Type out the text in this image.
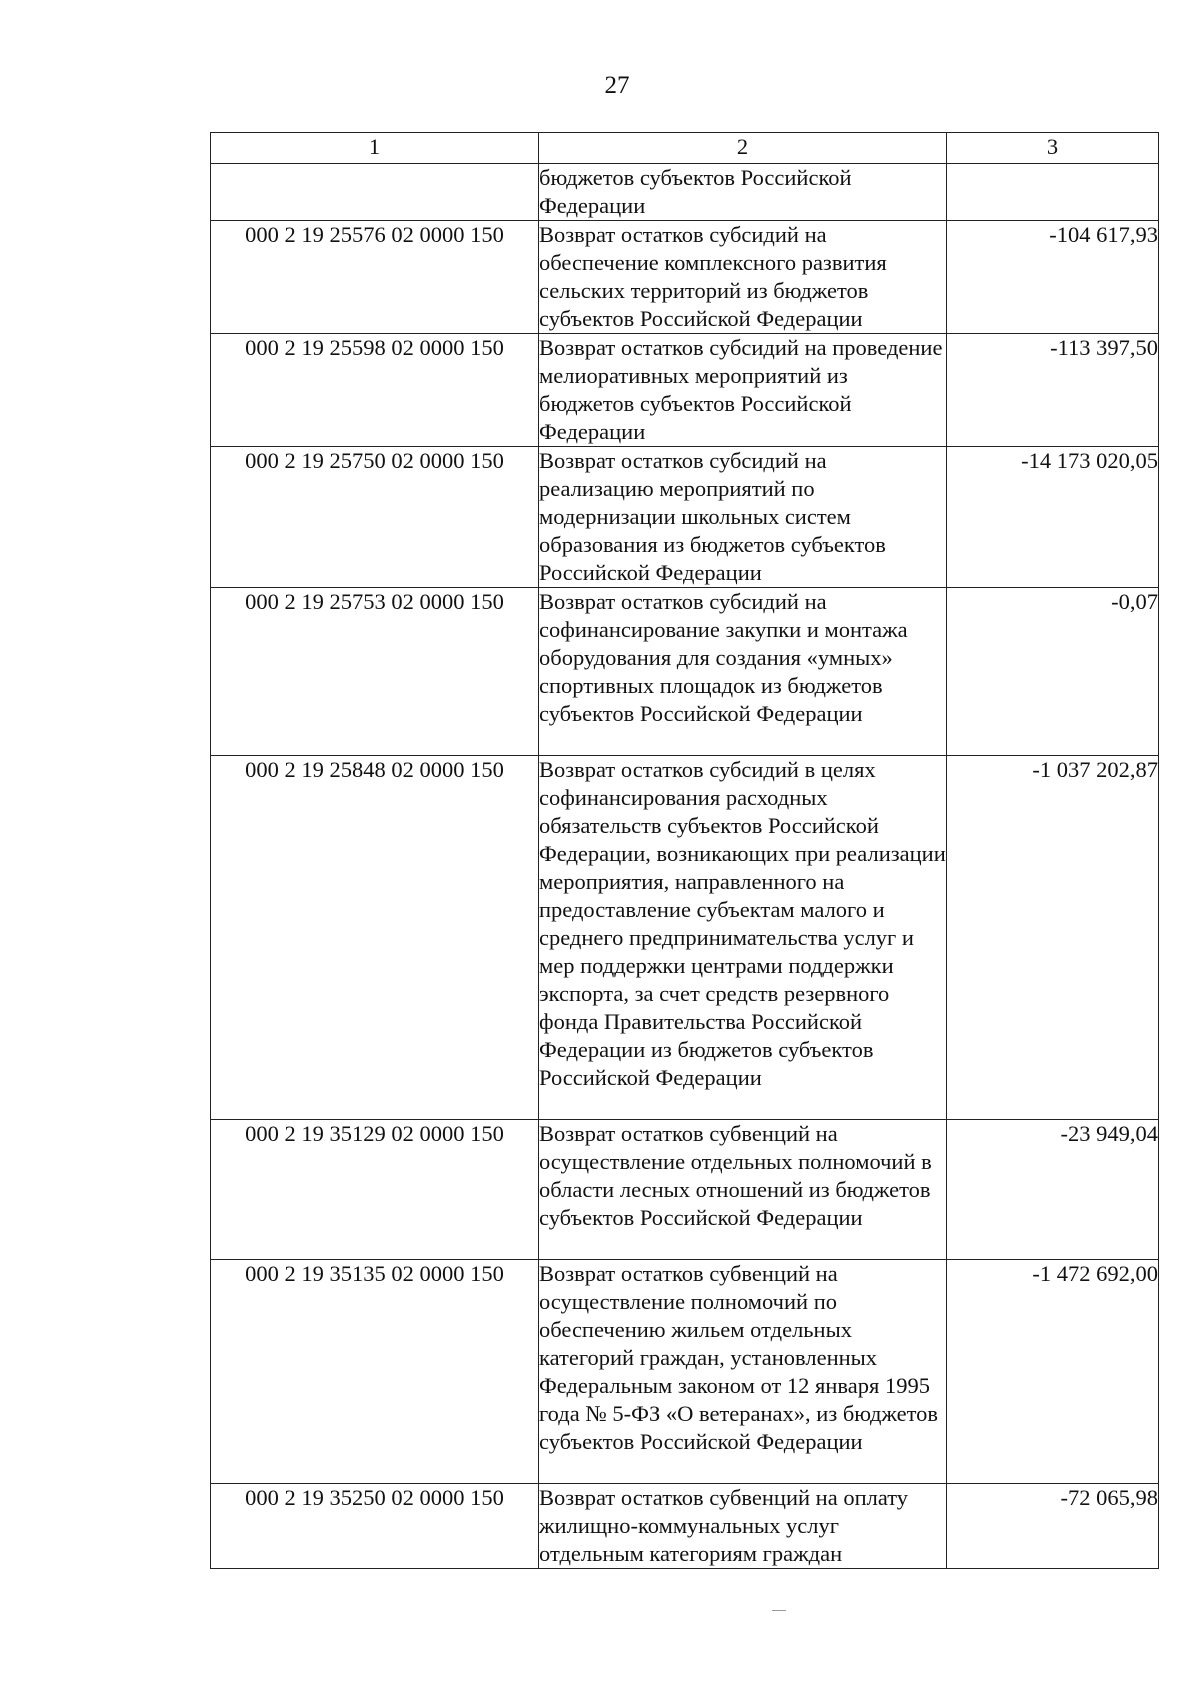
27
1	2	3
	бюджетов субъектов Российской Федерации	
000 2 19 25576 02 0000 150	Возврат остатков субсидий на обеспечение комплексного развития сельских территорий из бюджетов субъектов Российской Федерации	-104 617,93
000 2 19 25598 02 0000 150	Возврат остатков субсидий на проведение мелиоративных мероприятий из бюджетов субъектов Российской Федерации	-113 397,50
000 2 19 25750 02 0000 150	Возврат остатков субсидий на реализацию мероприятий по модернизации школьных систем образования из бюджетов субъектов Российской Федерации	-14 173 020,05
000 2 19 25753 02 0000 150	Возврат остатков субсидий на софинансирование закупки и монтажа оборудования для создания «умных» спортивных площадок из бюджетов субъектов Российской Федерации	-0,07
000 2 19 25848 02 0000 150	Возврат остатков субсидий в целях софинансирования расходных обязательств субъектов Российской Федерации, возникающих при реализации мероприятия, направленного на предоставление субъектам малого и среднего предпринимательства услуг и мер поддержки центрами поддержки экспорта, за счет средств резервного фонда Правительства Российской Федерации из бюджетов субъектов Российской Федерации	-1 037 202,87
000 2 19 35129 02 0000 150	Возврат остатков субвенций на осуществление отдельных полномочий в области лесных отношений из бюджетов субъектов Российской Федерации	-23 949,04
000 2 19 35135 02 0000 150	Возврат остатков субвенций на осуществление полномочий по обеспечению жильем отдельных категорий граждан, установленных Федеральным законом от 12 января 1995 года № 5-ФЗ «О ветеранах», из бюджетов субъектов Российской Федерации	-1 472 692,00
000 2 19 35250 02 0000 150	Возврат остатков субвенций на оплату жилищно-коммунальных услуг отдельным категориям граждан	-72 065,98
